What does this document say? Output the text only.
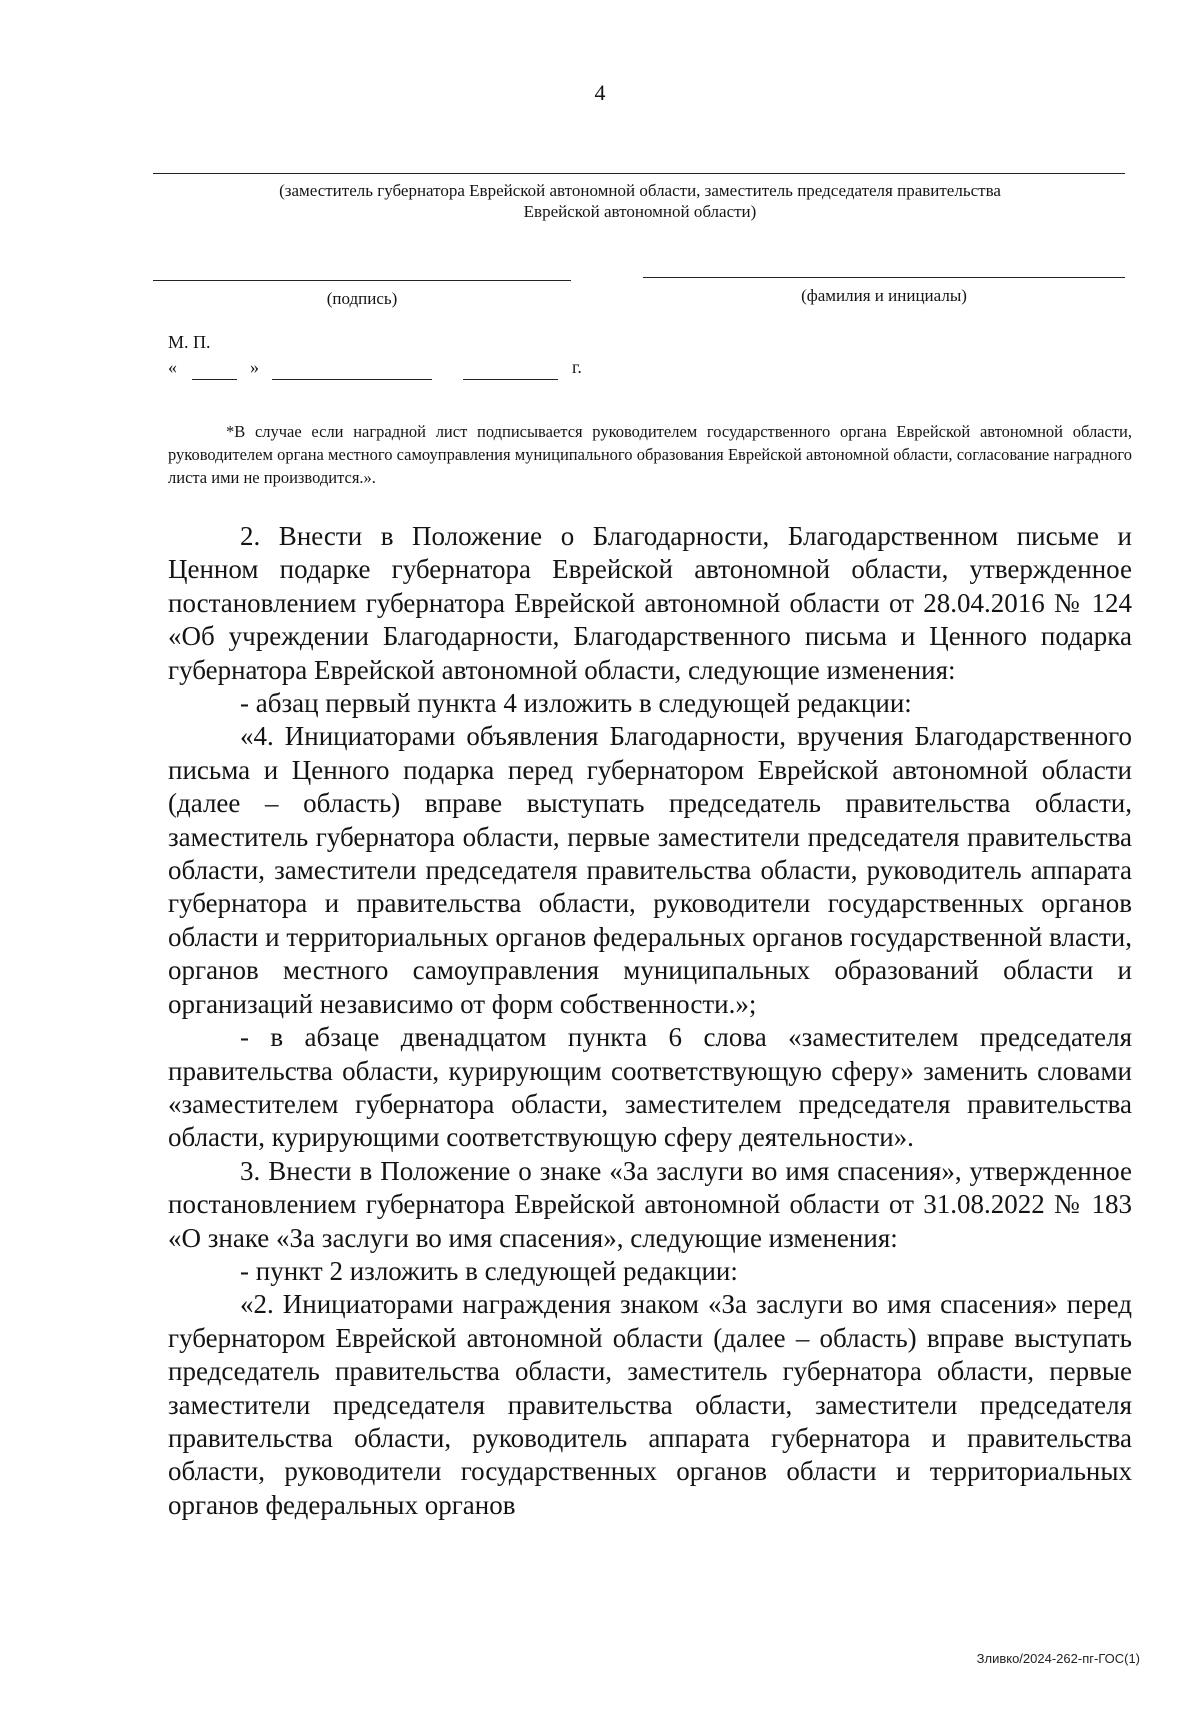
4
(заместитель губернатора Еврейской автономной области, заместитель председателя правительства
Еврейской автономной области)
(подпись)	(фамилия и инициалы)
М. П.
«	»	г.

*В случае если наградной лист подписывается руководителем государственного органа Еврейской автономной области, руководителем органа местного самоуправления муниципального образования Еврейской автономной области, согласование наградного листа ими не производится.».

2. Внести в Положение о Благодарности, Благодарственном письме и Ценном подарке губернатора Еврейской автономной области, утвержденное постановлением губернатора Еврейской автономной области от 28.04.2016 № 124 «Об учреждении Благодарности, Благодарственного письма и Ценного подарка губернатора Еврейской автономной области, следующие изменения:

- абзац первый пункта 4 изложить в следующей редакции:

«4. Инициаторами объявления Благодарности, вручения Благодарственного письма и Ценного подарка перед губернатором Еврейской автономной области (далее – область) вправе выступать председатель правительства области, заместитель губернатора области, первые заместители председателя правительства области, заместители председателя правительства области, руководитель аппарата губернатора и правительства области, руководители государственных органов области и территориальных органов федеральных органов государственной власти, органов местного самоуправления муниципальных образований области и организаций независимо от форм собственности.»;

- в абзаце двенадцатом пункта 6 слова «заместителем председателя правительства области, курирующим соответствующую сферу» заменить словами «заместителем губернатора области, заместителем председателя правительства области, курирующими соответствующую сферу деятельности».

3. Внести в Положение о знаке «За заслуги во имя спасения», утвержденное постановлением губернатора Еврейской автономной области от 31.08.2022 № 183 «О знаке «За заслуги во имя спасения», следующие изменения:

- пункт 2 изложить в следующей редакции:

«2. Инициаторами награждения знаком «За заслуги во имя спасения» перед губернатором Еврейской автономной области (далее – область) вправе выступать председатель правительства области, заместитель губернатора области, первые заместители председателя правительства области, заместители председателя правительства области, руководитель аппарата губернатора и правительства области, руководители государственных органов области и территориальных органов федеральных органов

Зливко/2024-262-пг-ГОС(1)
